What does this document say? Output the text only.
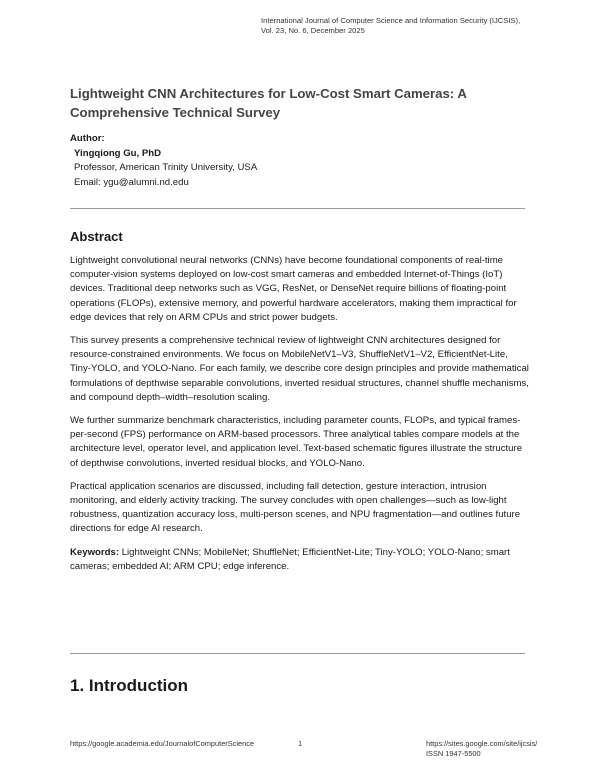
International Journal of Computer Science and Information Security (IJCSIS),
Vol. 23, No. 6, December 2025
Lightweight CNN Architectures for Low-Cost Smart Cameras: A Comprehensive Technical Survey
Author:
Yingqiong Gu, PhD
Professor, American Trinity University, USA
Email: ygu@alumni.nd.edu
Abstract

Lightweight convolutional neural networks (CNNs) have become foundational components of real-time computer-vision systems deployed on low-cost smart cameras and embedded Internet-of-Things (IoT) devices. Traditional deep networks such as VGG, ResNet, or DenseNet require billions of floating-point operations (FLOPs), extensive memory, and powerful hardware accelerators, making them impractical for edge devices that rely on ARM CPUs and strict power budgets.

This survey presents a comprehensive technical review of lightweight CNN architectures designed for resource-constrained environments. We focus on MobileNetV1–V3, ShuffleNetV1–V2, EfficientNet-Lite, Tiny-YOLO, and YOLO-Nano. For each family, we describe core design principles and provide mathematical formulations of depthwise separable convolutions, inverted residual structures, channel shuffle mechanisms, and compound depth–width–resolution scaling.

We further summarize benchmark characteristics, including parameter counts, FLOPs, and typical frames-per-second (FPS) performance on ARM-based processors. Three analytical tables compare models at the architecture level, operator level, and application level. Text-based schematic figures illustrate the structure of depthwise convolutions, inverted residual blocks, and YOLO-Nano.

Practical application scenarios are discussed, including fall detection, gesture interaction, intrusion monitoring, and elderly activity tracking. The survey concludes with open challenges—such as low-light robustness, quantization accuracy loss, multi-person scenes, and NPU fragmentation—and outlines future directions for edge AI research.

Keywords: Lightweight CNNs; MobileNet; ShuffleNet; EfficientNet-Lite; Tiny-YOLO; YOLO-Nano; smart cameras; embedded AI; ARM CPU; edge inference.

1. Introduction
https://google.academia.edu/JournalofComputerScience	1	https://sites.google.com/site/ijcsis/
ISSN 1947-5500
